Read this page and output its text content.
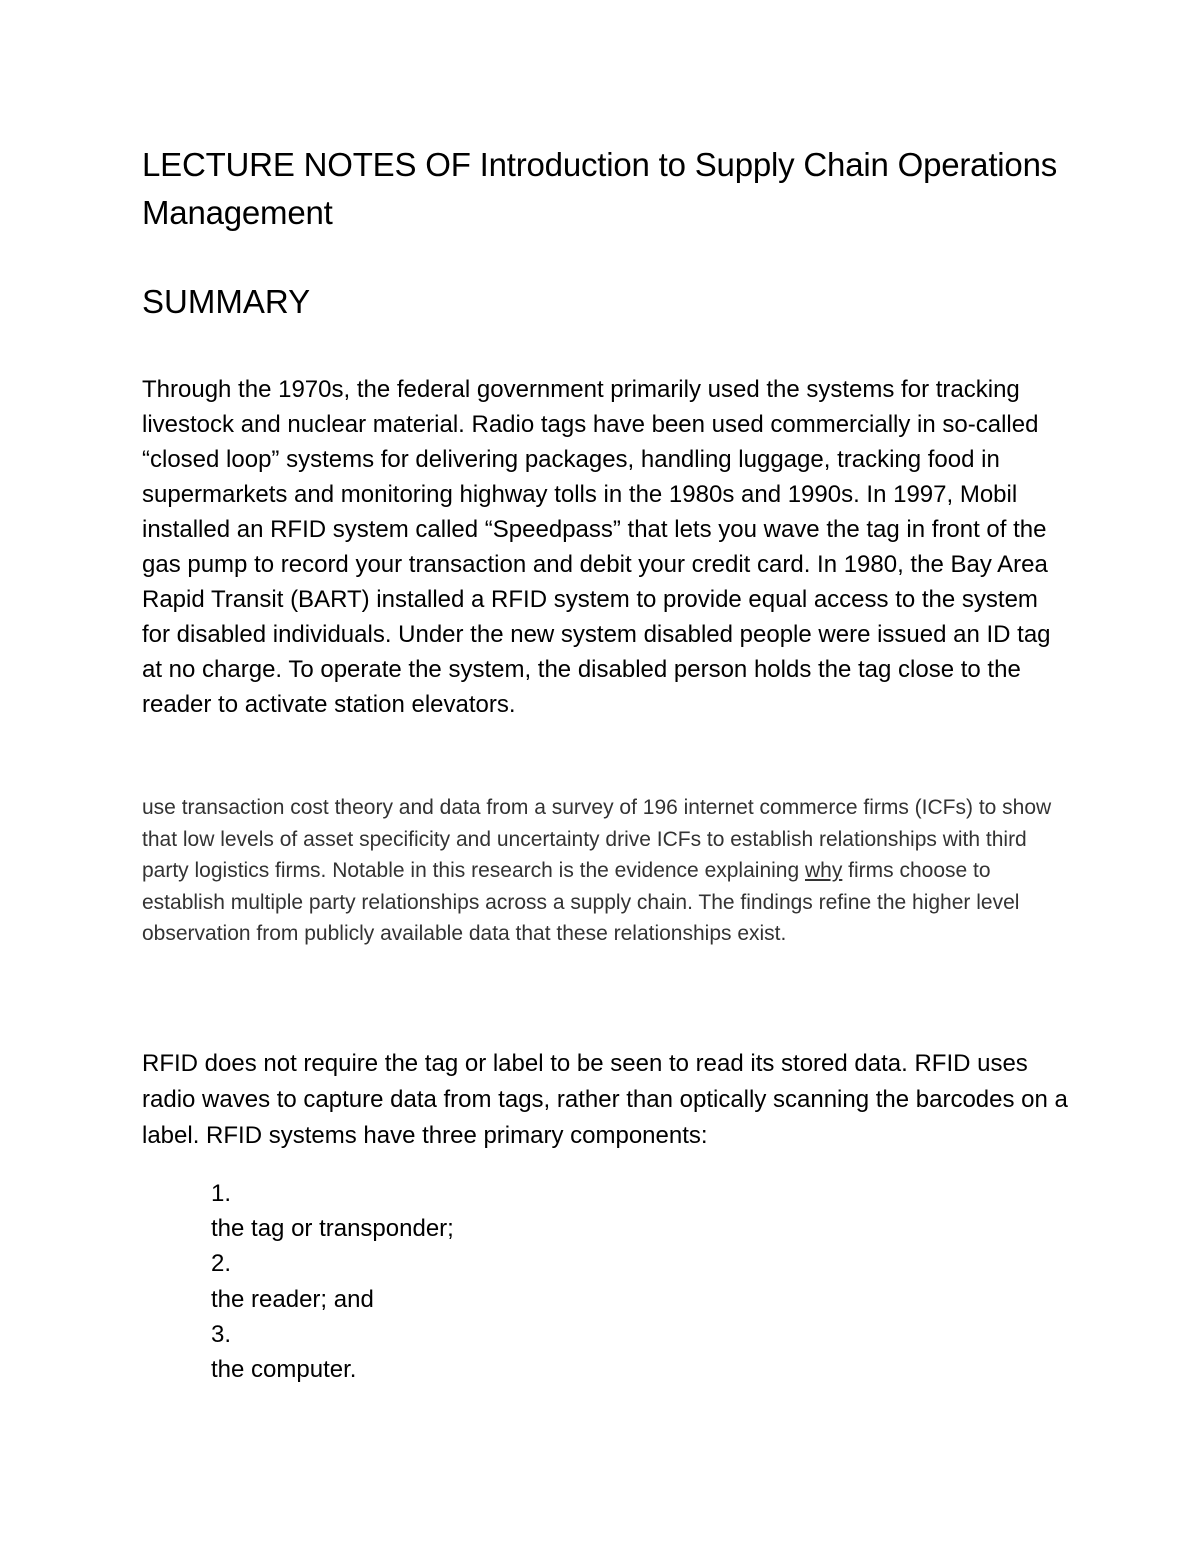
LECTURE NOTES OF Introduction to Supply Chain Operations Management
SUMMARY

Through the 1970s, the federal government primarily used the systems for tracking livestock and nuclear material. Radio tags have been used commercially in so‑called “closed loop” systems for delivering packages, handling luggage, tracking food in supermarkets and monitoring highway tolls in the 1980s and 1990s. In 1997, Mobil installed an RFID system called “Speedpass” that lets you wave the tag in front of the gas pump to record your transaction and debit your credit card. In 1980, the Bay Area Rapid Transit (BART) installed a RFID system to provide equal access to the system for disabled individuals. Under the new system disabled people were issued an ID tag at no charge. To operate the system, the disabled person holds the tag close to the reader to activate station elevators.

use transaction cost theory and data from a survey of 196 internet commerce firms (ICFs) to show that low levels of asset specificity and uncertainty drive ICFs to establish relationships with third party logistics firms. Notable in this research is the evidence explaining why firms choose to establish multiple party relationships across a supply chain. The findings refine the higher level observation from publicly available data that these relationships exist.

RFID does not require the tag or label to be seen to read its stored data. RFID uses radio waves to capture data from tags, rather than optically scanning the barcodes on a label. RFID systems have three primary components:

1.
the tag or transponder;
2.
the reader; and
3.
the computer.
